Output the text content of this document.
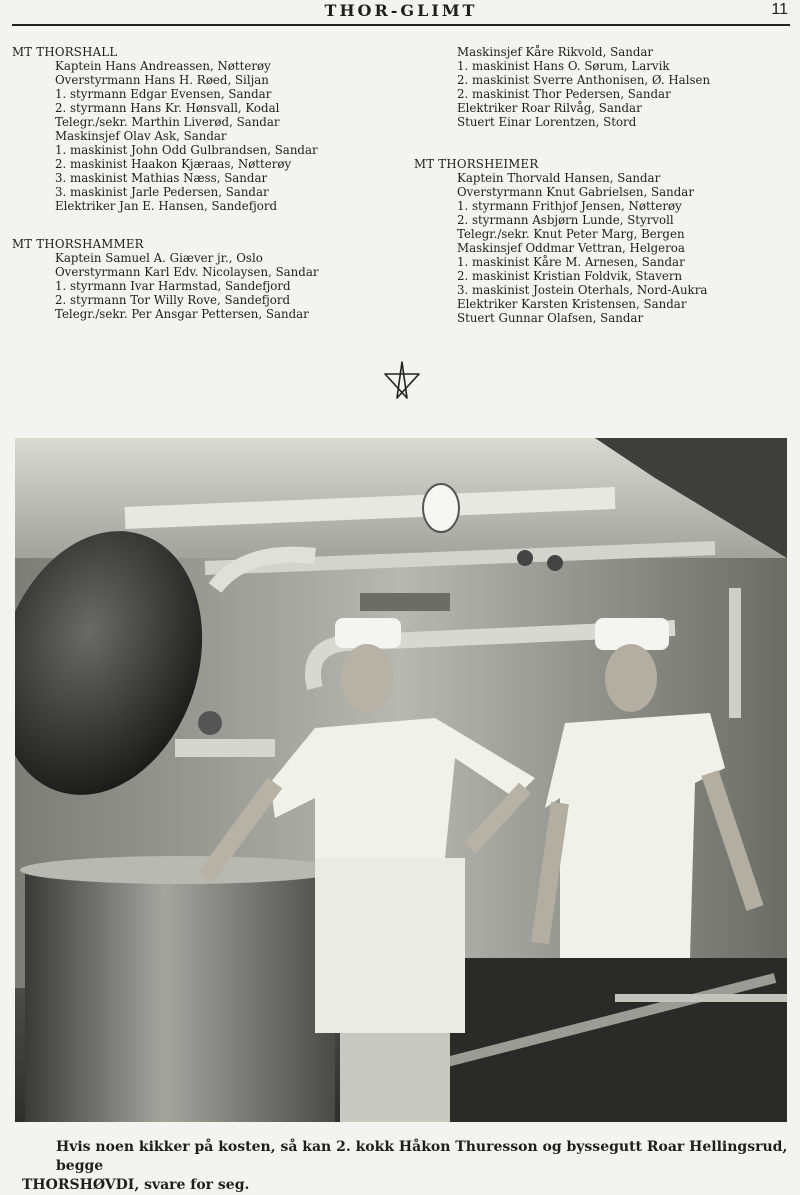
THOR-GLIMT	11
MT THORSHALL
Kaptein Hans Andreassen, Nøtterøy
Overstyrmann Hans H. Røed, Siljan
1. styrmann Edgar Evensen, Sandar
2. styrmann Hans Kr. Hønsvall, Kodal
Telegr./sekr. Marthin Liverød, Sandar
Maskinsjef Olav Ask, Sandar
1. maskinist John Odd Gulbrandsen, Sandar
2. maskinist Haakon Kjæraas, Nøtterøy
3. maskinist Mathias Næss, Sandar
3. maskinist Jarle Pedersen, Sandar
Elektriker Jan E. Hansen, Sandefjord
MT THORSHAMMER
Kaptein Samuel A. Giæver jr., Oslo
Overstyrmann Karl Edv. Nicolaysen, Sandar
1. styrmann Ivar Harmstad, Sandefjord
2. styrmann Tor Willy Rove, Sandefjord
Telegr./sekr. Per Ansgar Pettersen, Sandar
Maskinsjef Kåre Rikvold, Sandar
1. maskinist Hans O. Sørum, Larvik
2. maskinist Sverre Anthonisen, Ø. Halsen
2. maskinist Thor Pedersen, Sandar
Elektriker Roar Rilvåg, Sandar
Stuert Einar Lorentzen, Stord
MT THORSHEIMER
Kaptein Thorvald Hansen, Sandar
Overstyrmann Knut Gabrielsen, Sandar
1. styrmann Frithjof Jensen, Nøtterøy
2. styrmann Asbjørn Lunde, Styrvoll
Telegr./sekr. Knut Peter Marg, Bergen
Maskinsjef Oddmar Vettran, Helgeroa
1. maskinist Kåre M. Arnesen, Sandar
2. maskinist Kristian Foldvik, Stavern
3. maskinist Jostein Oterhals, Nord-Aukra
Elektriker Karsten Kristensen, Sandar
Stuert Gunnar Olafsen, Sandar
Hvis noen kikker på kosten, så kan 2. kokk Håkon Thuresson og byssegutt Roar Hellingsrud, begge
THORSHØVDI, svare for seg.
